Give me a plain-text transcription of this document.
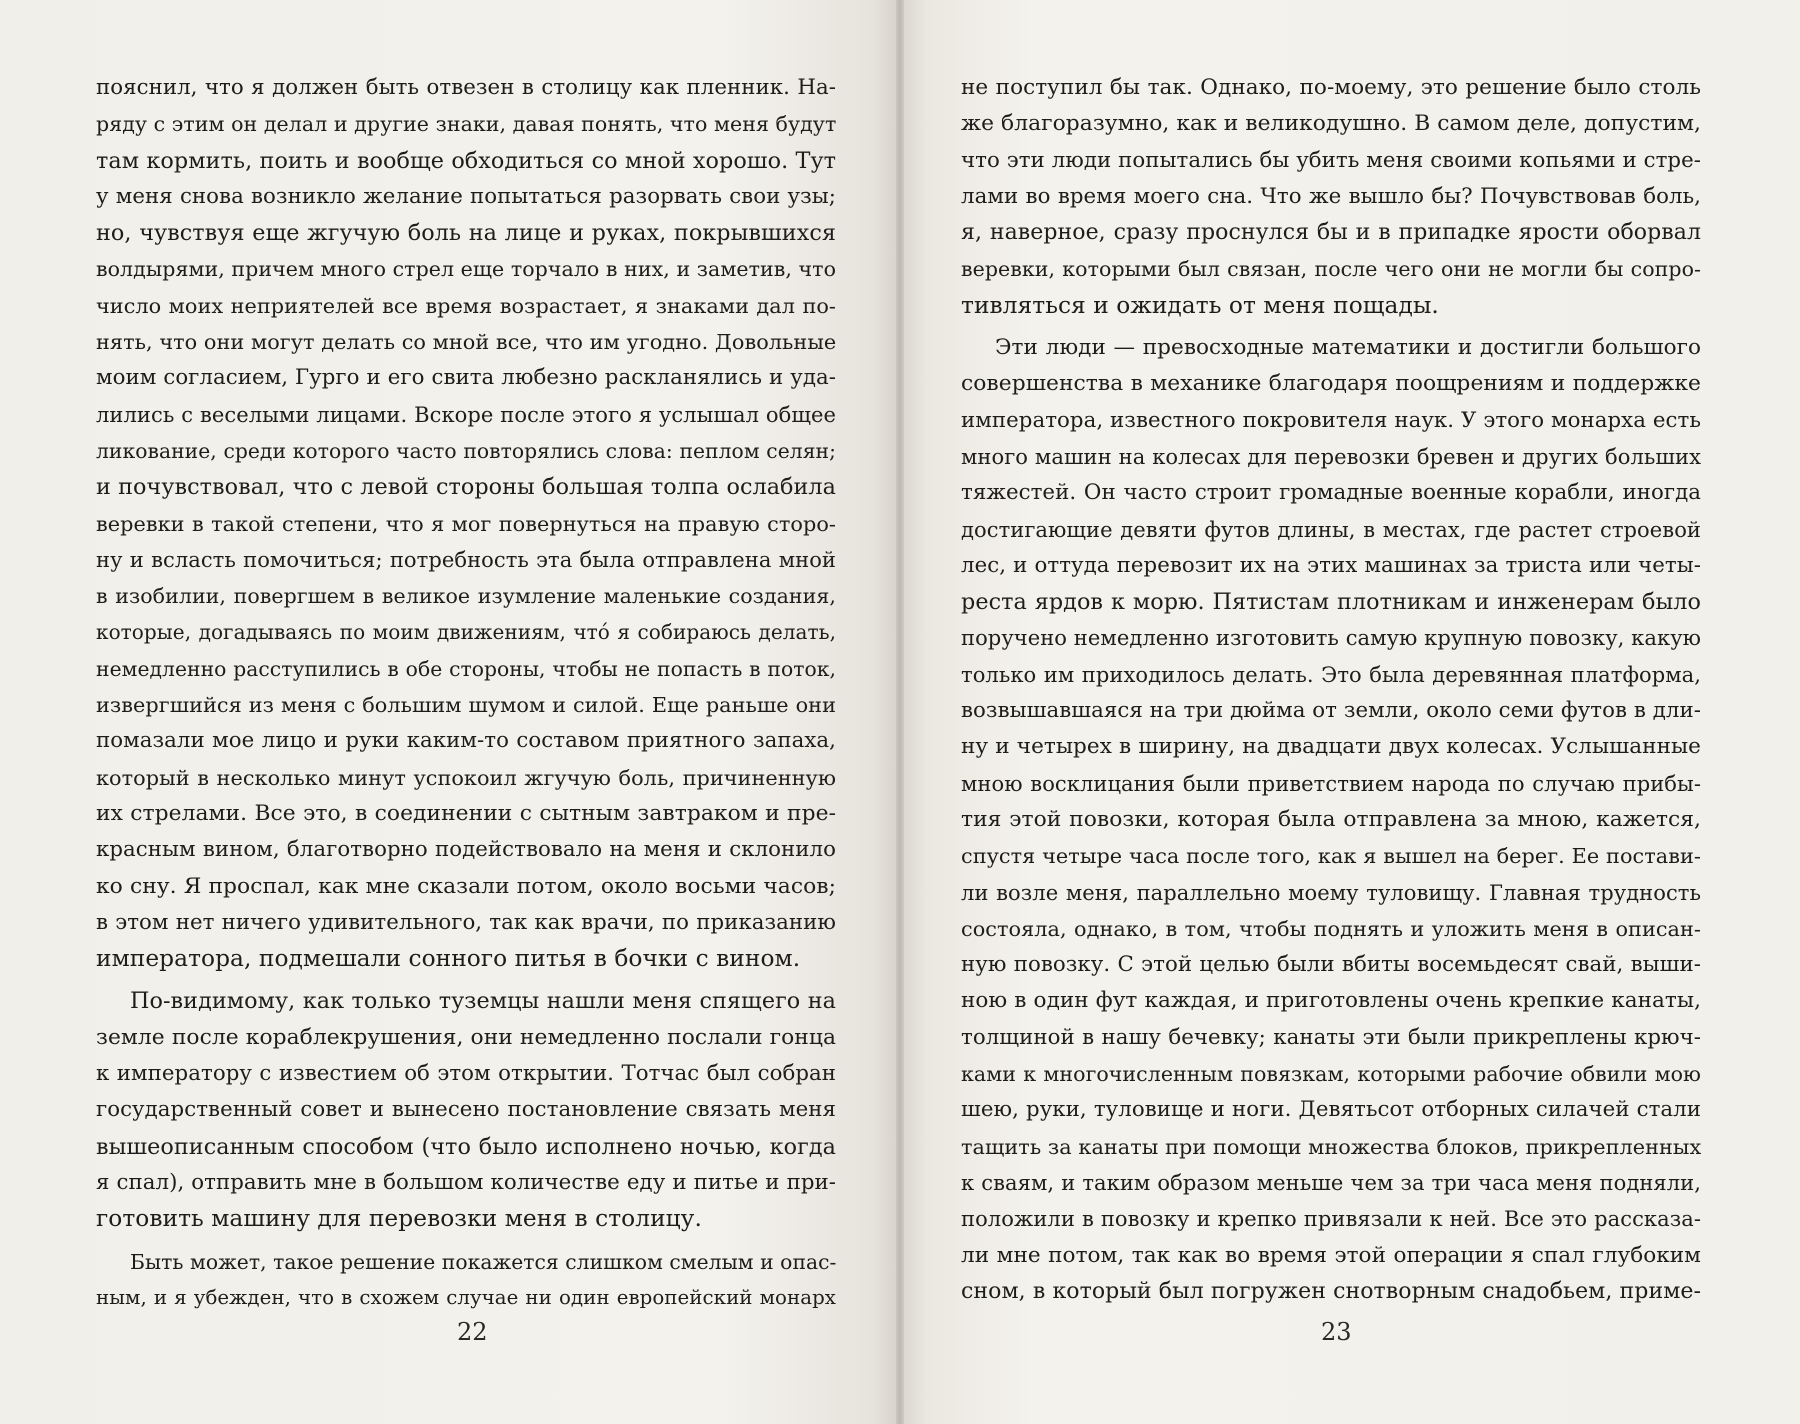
пояснил, что я должен быть отвезен в столицу как пленник. На-
ряду с этим он делал и другие знаки, давая понять, что меня будут
там кормить, поить и вообще обходиться со мной хорошо. Тут
у меня снова возникло желание попытаться разорвать свои узы;
но, чувствуя еще жгучую боль на лице и руках, покрывшихся
волдырями, причем много стрел еще торчало в них, и заметив, что
число моих неприятелей все время возрастает, я знаками дал по-
нять, что они могут делать со мной все, что им угодно. Довольные
моим согласием, Гурго и его свита любезно раскланялись и уда-
лились с веселыми лицами. Вскоре после этого я услышал общее
ликование, среди которого часто повторялись слова: пеплом селян;
и почувствовал, что с левой стороны большая толпа ослабила
веревки в такой степени, что я мог повернуться на правую сторо-
ну и всласть помочиться; потребность эта была отправлена мной
в изобилии, повергшем в великое изумление маленькие создания,
которые, догадываясь по моим движениям, чтó я собираюсь делать,
немедленно расступились в обе стороны, чтобы не попасть в поток,
извергшийся из меня с большим шумом и силой. Еще раньше они
помазали мое лицо и руки каким-то составом приятного запаха,
который в несколько минут успокоил жгучую боль, причиненную
их стрелами. Все это, в соединении с сытным завтраком и пре-
красным вином, благотворно подействовало на меня и склонило
ко сну. Я проспал, как мне сказали потом, около восьми часов;
в этом нет ничего удивительного, так как врачи, по приказанию
императора, подмешали сонного питья в бочки с вином.
По-видимому, как только туземцы нашли меня спящего на
земле после кораблекрушения, они немедленно послали гонца
к императору с известием об этом открытии. Тотчас был собран
государственный совет и вынесено постановление связать меня
вышеописанным способом (что было исполнено ночью, когда
я спал), отправить мне в большом количестве еду и питье и при-
готовить машину для перевозки меня в столицу.
Быть может, такое решение покажется слишком смелым и опас-
ным, и я убежден, что в схожем случае ни один европейский монарх
22
не поступил бы так. Однако, по-моему, это решение было столь
же благоразумно, как и великодушно. В самом деле, допустим,
что эти люди попытались бы убить меня своими копьями и стре-
лами во время моего сна. Что же вышло бы? Почувствовав боль,
я, наверное, сразу проснулся бы и в припадке ярости оборвал
веревки, которыми был связан, после чего они не могли бы сопро-
тивляться и ожидать от меня пощады.
Эти люди — превосходные математики и достигли большого
совершенства в механике благодаря поощрениям и поддержке
императора, известного покровителя наук. У этого монарха есть
много машин на колесах для перевозки бревен и других больших
тяжестей. Он часто строит громадные военные корабли, иногда
достигающие девяти футов длины, в местах, где растет строевой
лес, и оттуда перевозит их на этих машинах за триста или четы-
реста ярдов к морю. Пятистам плотникам и инженерам было
поручено немедленно изготовить самую крупную повозку, какую
только им приходилось делать. Это была деревянная платформа,
возвышавшаяся на три дюйма от земли, около семи футов в дли-
ну и четырех в ширину, на двадцати двух колесах. Услышанные
мною восклицания были приветствием народа по случаю прибы-
тия этой повозки, которая была отправлена за мною, кажется,
спустя четыре часа после того, как я вышел на берег. Ее постави-
ли возле меня, параллельно моему туловищу. Главная трудность
состояла, однако, в том, чтобы поднять и уложить меня в описан-
ную повозку. С этой целью были вбиты восемьдесят свай, выши-
ною в один фут каждая, и приготовлены очень крепкие канаты,
толщиной в нашу бечевку; канаты эти были прикреплены крюч-
ками к многочисленным повязкам, которыми рабочие обвили мою
шею, руки, туловище и ноги. Девятьсот отборных силачей стали
тащить за канаты при помощи множества блоков, прикрепленных
к сваям, и таким образом меньше чем за три часа меня подняли,
положили в повозку и крепко привязали к ней. Все это рассказа-
ли мне потом, так как во время этой операции я спал глубоким
сном, в который был погружен снотворным снадобьем, приме-
23
